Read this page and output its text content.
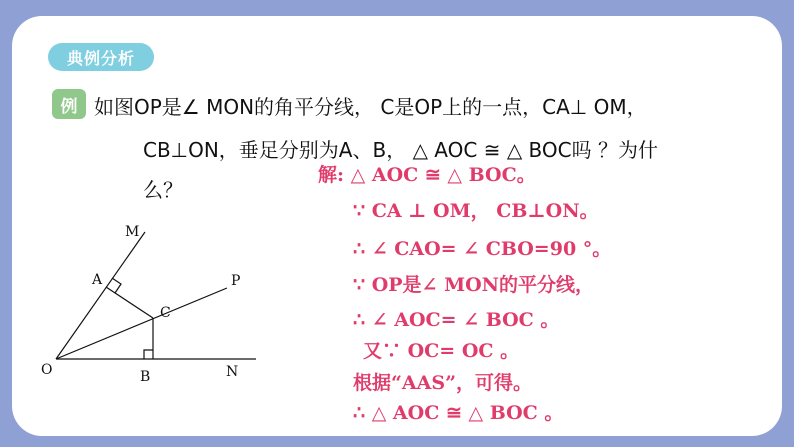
典例分析
例 如图OP是∠ MON的角平分线， C是OP上的一点，CA⊥ OM，
CB⊥ON，垂足分别为A、B， △ AOC ≅ △ BOC吗 ？为什
么？
解: △ AOC ≅ △ BOC。
∵ CA ⊥ OM， CB⊥ON。
∴ ∠ CAO= ∠ CBO=90 °。
∵ OP是∠ MON的平分线，
∴ ∠ AOC= ∠ BOC 。
又∵ OC= OC 。
根据“AAS”，可得。
∴ △ AOC ≅ △ BOC 。
M
A
C
P
O	B	N
